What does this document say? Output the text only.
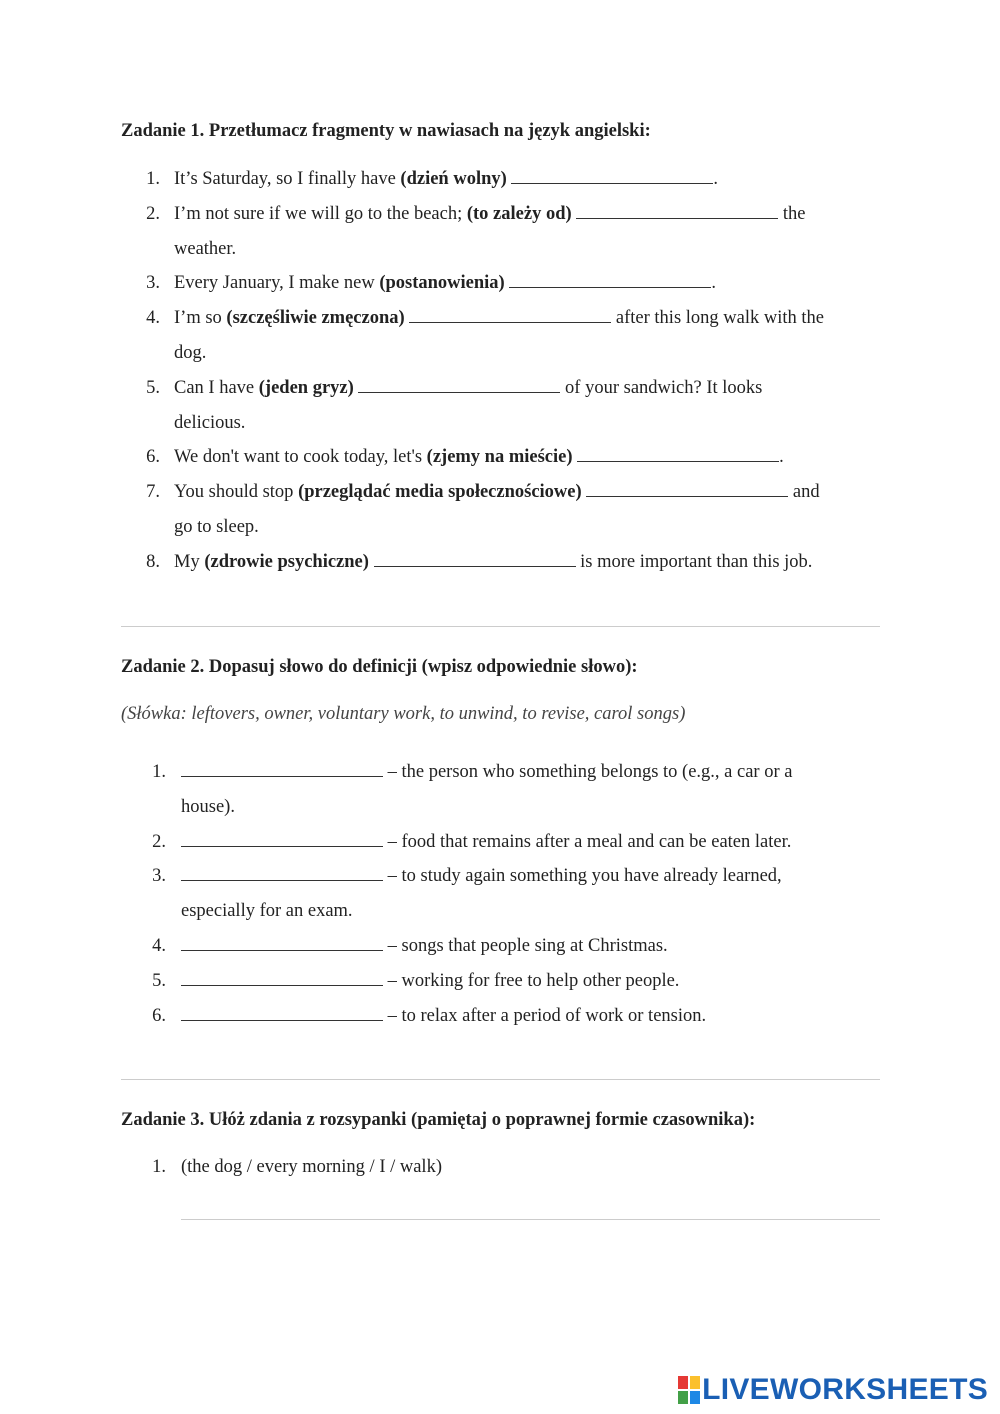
Zadanie 1. Przetłumacz fragmenty w nawiasach na język angielski:
1. It’s Saturday, so I finally have (dzień wolny)	.
2. I’m not sure if we will go to the beach; (to zależy od)	the
weather.
3. Every January, I make new (postanowienia)	.
4. I’m so (szczęśliwie zmęczona)	after this long walk with the
dog.
5. Can I have (jeden gryz)	of your sandwich? It looks
delicious.
6. We don't want to cook today, let's (zjemy na mieście)	.
7. You should stop (przeglądać media społecznościowe)	and
go to sleep.
8. My (zdrowie psychiczne)	is more important than this job.
Zadanie 2. Dopasuj słowo do definicji (wpisz odpowiednie słowo):
(Słówka: leftovers, owner, voluntary work, to unwind, to revise, carol songs)
1.	– the person who something belongs to (e.g., a car or a
house).
2.	– food that remains after a meal and can be eaten later.
3.	– to study again something you have already learned,
especially for an exam.
4.	– songs that people sing at Christmas.
5.	– working for free to help other people.
6.	– to relax after a period of work or tension.
Zadanie 3. Ułóż zdania z rozsypanki (pamiętaj o poprawnej formie czasownika):
1. (the dog / every morning / I / walk)
LIVEWORKSHEETS
